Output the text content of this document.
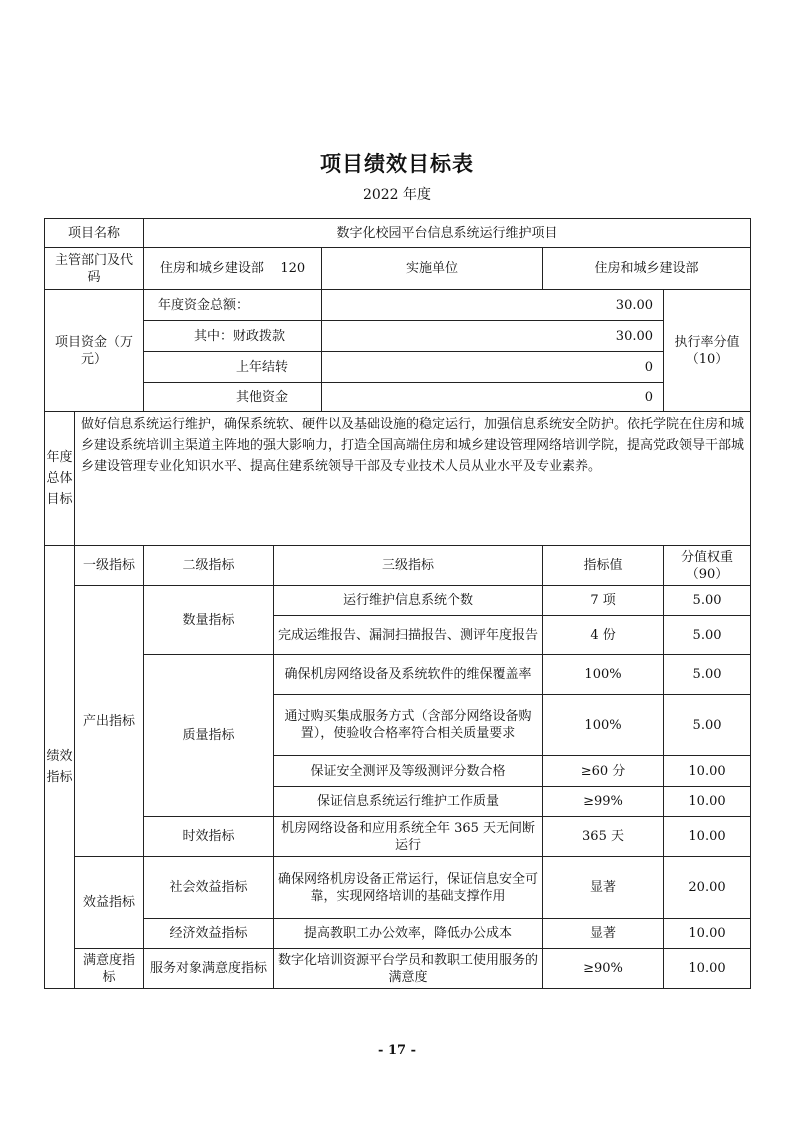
项目绩效目标表
2022 年度
项目名称		数字化校园平台信息系统运行维护项目				
主管部门及代码		住房和城乡建设部 120		实施单位	住房和城乡建设部	
项目资金（万元）		年度资金总额：		30.00		执行率分值（10）
		其中：财政拨款		30.00		
		上年结转		0		
		其他资金		0		
年度总体目标	做好信息系统运行维护，确保系统软、硬件以及基础设施的稳定运行，加强信息系统安全防护。依托学院在住房和城乡建设系统培训主渠道主阵地的强大影响力，打造全国高端住房和城乡建设管理网络培训学院，提高党政领导干部城乡建设管理专业化知识水平、提高住建系统领导干部及专业技术人员从业水平及专业素养。					
绩效指标	一级指标	二级指标	三级指标		指标值	分值权重（90）
	产出指标	数量指标	运行维护信息系统个数		7 项	5.00
			完成运维报告、漏洞扫描报告、测评年度报告		4 份	5.00
		质量指标	确保机房网络设备及系统软件的维保覆盖率		100%	5.00
			通过购买集成服务方式（含部分网络设备购置），使验收合格率符合相关质量要求		100%	5.00
			保证安全测评及等级测评分数合格		≥60 分	10.00
			保证信息系统运行维护工作质量		≥99%	10.00
		时效指标	机房网络设备和应用系统全年 365 天无间断运行		365 天	10.00
	效益指标	社会效益指标	确保网络机房设备正常运行，保证信息安全可靠，实现网络培训的基础支撑作用		显著	20.00
		经济效益指标	提高教职工办公效率，降低办公成本		显著	10.00
	满意度指标	服务对象满意度指标	数字化培训资源平台学员和教职工使用服务的满意度		≥90%	10.00
- 17 -
